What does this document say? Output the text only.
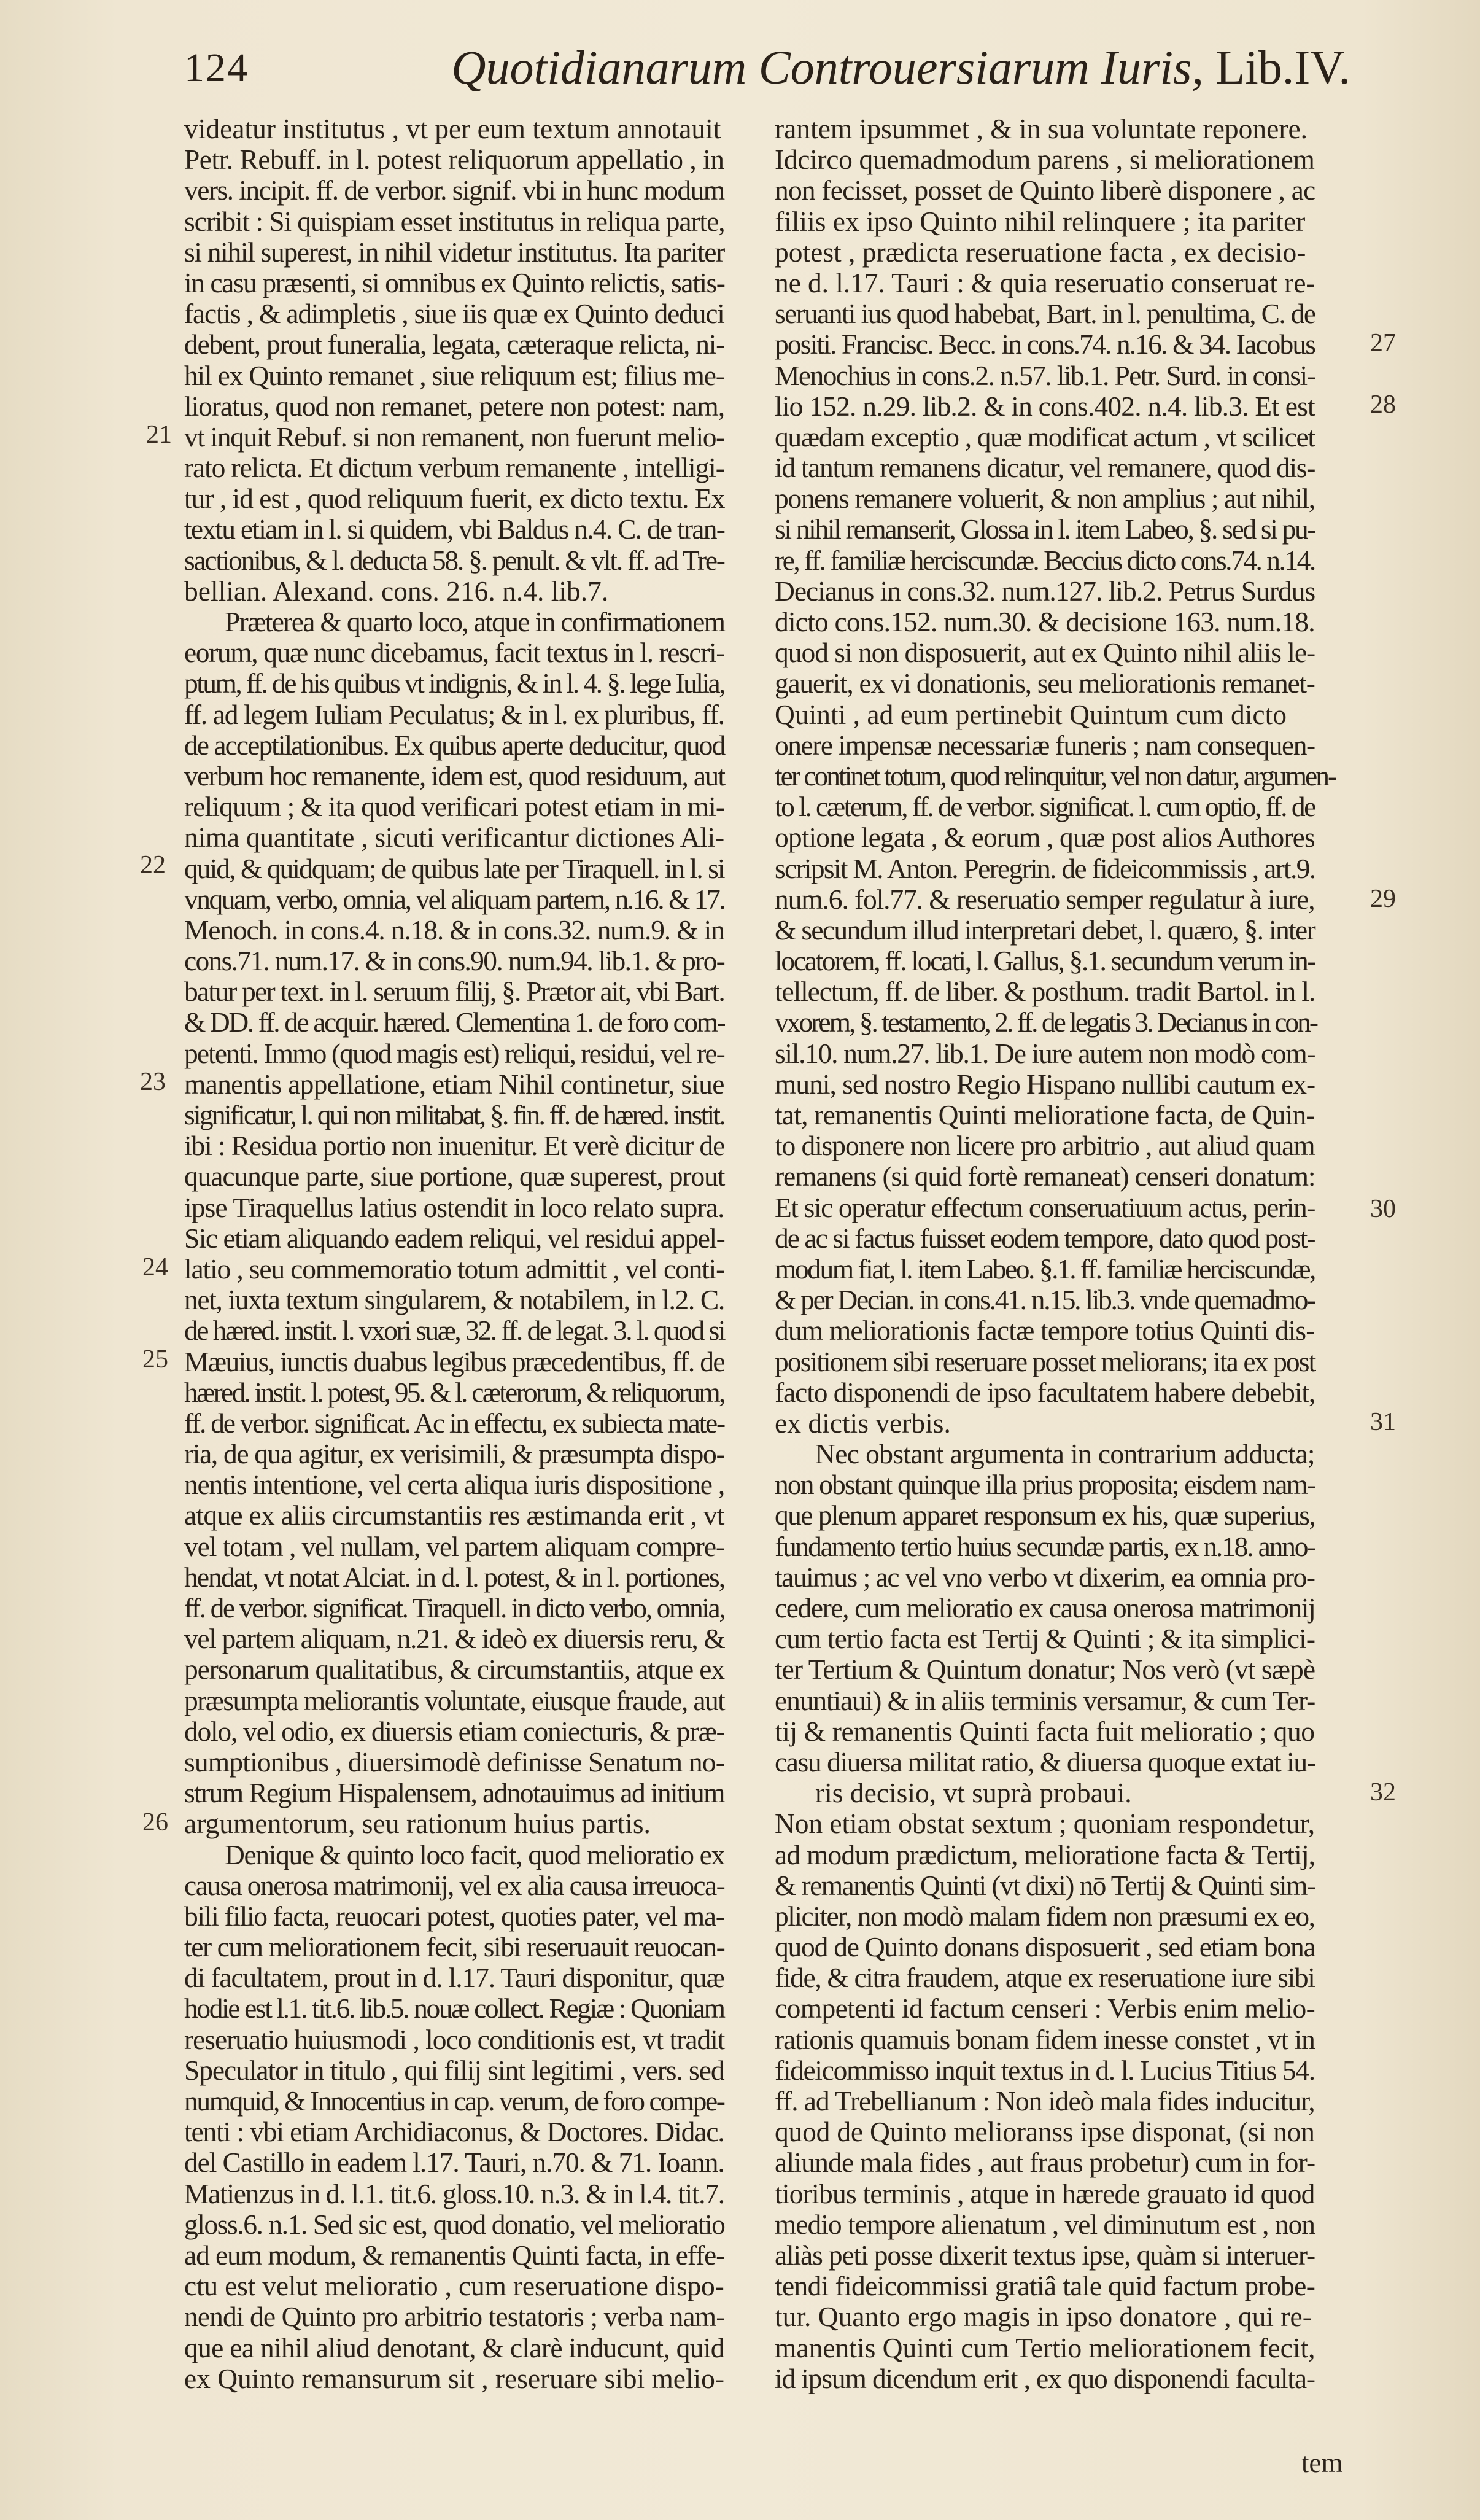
124	Quotidianarum Controuersiarum Iuris, Lib.IV.
videatur institutus , vt per eum textum annotauit
Petr. Rebuff. in l. potest reliquorum appellatio , in
vers. incipit. ff. de verbor. signif. vbi in hunc modum
scribit : Si quispiam esset institutus in reliqua parte,
si nihil superest, in nihil videtur institutus. Ita pariter
in casu præsenti, si omnibus ex Quinto relictis, satis-
factis , & adimpletis , siue iis quæ ex Quinto deduci
debent, prout funeralia, legata, cæteraque relicta, ni-
hil ex Quinto remanet , siue reliquum est; filius me-
lioratus, quod non remanet, petere non potest: nam,
vt inquit Rebuf. si non remanent, non fuerunt melio-
rato relicta. Et dictum verbum remanente , intelligi-
tur , id est , quod reliquum fuerit, ex dicto textu. Ex
textu etiam in l. si quidem, vbi Baldus n.4. C. de tran-
sactionibus, & l. deducta 58. §. penult. & vlt. ff. ad Tre-
bellian. Alexand. cons. 216. n.4. lib.7.
Præterea & quarto loco, atque in confirmationem
eorum, quæ nunc dicebamus, facit textus in l. rescri-
ptum, ff. de his quibus vt indignis, & in l. 4. §. lege Iulia,
ff. ad legem Iuliam Peculatus; & in l. ex pluribus, ff.
de acceptilationibus. Ex quibus aperte deducitur, quod
verbum hoc remanente, idem est, quod residuum, aut
reliquum ; & ita quod verificari potest etiam in mi-
nima quantitate , sicuti verificantur dictiones Ali-
quid, & quidquam; de quibus late per Tiraquell. in l. si
vnquam, verbo, omnia, vel aliquam partem, n.16. & 17.
Menoch. in cons.4. n.18. & in cons.32. num.9. & in
cons.71. num.17. & in cons.90. num.94. lib.1. & pro-
batur per text. in l. seruum filij, §. Prætor ait, vbi Bart.
& DD. ff. de acquir. hæred. Clementina 1. de foro com-
petenti. Immo (quod magis est) reliqui, residui, vel re-
manentis appellatione, etiam Nihil continetur, siue
significatur, l. qui non militabat, §. fin. ff. de hæred. instit.
ibi : Residua portio non inuenitur. Et verè dicitur de
quacunque parte, siue portione, quæ superest, prout
ipse Tiraquellus latius ostendit in loco relato supra.
Sic etiam aliquando eadem reliqui, vel residui appel-
latio , seu commemoratio totum admittit , vel conti-
net, iuxta textum singularem, & notabilem, in l.2. C.
de hæred. instit. l. vxori suæ, 32. ff. de legat. 3. l. quod si
Mæuius, iunctis duabus legibus præcedentibus, ff. de
hæred. instit. l. potest, 95. & l. cæterorum, & reliquorum,
ff. de verbor. significat. Ac in effectu, ex subiecta mate-
ria, de qua agitur, ex verisimili, & præsumpta dispo-
nentis intentione, vel certa aliqua iuris dispositione ,
atque ex aliis circumstantiis res æstimanda erit , vt
vel totam , vel nullam, vel partem aliquam compre-
hendat, vt notat Alciat. in d. l. potest, & in l. portiones,
ff. de verbor. significat. Tiraquell. in dicto verbo, omnia,
vel partem aliquam, n.21. & ideò ex diuersis reru, &
personarum qualitatibus, & circumstantiis, atque ex
præsumpta meliorantis voluntate, eiusque fraude, aut
dolo, vel odio, ex diuersis etiam coniecturis, & præ-
sumptionibus , diuersimodè definisse Senatum no-
strum Regium Hispalensem, adnotauimus ad initium
argumentorum, seu rationum huius partis.
Denique & quinto loco facit, quod melioratio ex
causa onerosa matrimonij, vel ex alia causa irreuoca-
bili filio facta, reuocari potest, quoties pater, vel ma-
ter cum meliorationem fecit, sibi reseruauit reuocan-
di facultatem, prout in d. l.17. Tauri disponitur, quæ
hodie est l.1. tit.6. lib.5. nouæ collect. Regiæ : Quoniam
reseruatio huiusmodi , loco conditionis est, vt tradit
Speculator in titulo , qui filij sint legitimi , vers. sed
numquid, & Innocentius in cap. verum, de foro compe-
tenti : vbi etiam Archidiaconus, & Doctores. Didac.
del Castillo in eadem l.17. Tauri, n.70. & 71. Ioann.
Matienzus in d. l.1. tit.6. gloss.10. n.3. & in l.4. tit.7.
gloss.6. n.1. Sed sic est, quod donatio, vel melioratio
ad eum modum, & remanentis Quinti facta, in effe-
ctu est velut melioratio , cum reseruatione dispo-
nendi de Quinto pro arbitrio testatoris ; verba nam-
que ea nihil aliud denotant, & clarè inducunt, quid
ex Quinto remansurum sit , reseruare sibi melio-
rantem ipsummet , & in sua voluntate reponere.
Idcirco quemadmodum parens , si meliorationem
non fecisset, posset de Quinto liberè disponere , ac
filiis ex ipso Quinto nihil relinquere ; ita pariter
potest , prædicta reseruatione facta , ex decisio-
ne d. l.17. Tauri : & quia reseruatio conseruat re-
seruanti ius quod habebat, Bart. in l. penultima, C. de
positi. Francisc. Becc. in cons.74. n.16. & 34. Iacobus
Menochius in cons.2. n.57. lib.1. Petr. Surd. in consi-
lio 152. n.29. lib.2. & in cons.402. n.4. lib.3. Et est
quædam exceptio , quæ modificat actum , vt scilicet
id tantum remanens dicatur, vel remanere, quod dis-
ponens remanere voluerit, & non amplius ; aut nihil,
si nihil remanserit, Glossa in l. item Labeo, §. sed si pu-
re, ff. familiæ herciscundæ. Beccius dicto cons.74. n.14.
Decianus in cons.32. num.127. lib.2. Petrus Surdus
dicto cons.152. num.30. & decisione 163. num.18.
quod si non disposuerit, aut ex Quinto nihil aliis le-
gauerit, ex vi donationis, seu meliorationis remanet-
Quinti , ad eum pertinebit Quintum cum dicto
onere impensæ necessariæ funeris ; nam consequen-
ter continet totum, quod relinquitur, vel non datur, argumen-
to l. cæterum, ff. de verbor. significat. l. cum optio, ff. de
optione legata , & eorum , quæ post alios Authores
scripsit M. Anton. Peregrin. de fideicommissis , art.9.
num.6. fol.77. & reseruatio semper regulatur à iure,
& secundum illud interpretari debet, l. quæro, §. inter
locatorem, ff. locati, l. Gallus, §.1. secundum verum in-
tellectum, ff. de liber. & posthum. tradit Bartol. in l.
vxorem, §. testamento, 2. ff. de legatis 3. Decianus in con-
sil.10. num.27. lib.1. De iure autem non modò com-
muni, sed nostro Regio Hispano nullibi cautum ex-
tat, remanentis Quinti melioratione facta, de Quin-
to disponere non licere pro arbitrio , aut aliud quam
remanens (si quid fortè remaneat) censeri donatum:
Et sic operatur effectum conseruatiuum actus, perin-
de ac si factus fuisset eodem tempore, dato quod post-
modum fiat, l. item Labeo. §.1. ff. familiæ herciscundæ,
& per Decian. in cons.41. n.15. lib.3. vnde quemadmo-
dum meliorationis factæ tempore totius Quinti dis-
positionem sibi reseruare posset meliorans; ita ex post
facto disponendi de ipso facultatem habere debebit,
ex dictis verbis.
Nec obstant argumenta in contrarium adducta;
non obstant quinque illa prius proposita; eisdem nam-
que plenum apparet responsum ex his, quæ superius,
fundamento tertio huius secundæ partis, ex n.18. anno-
tauimus ; ac vel vno verbo vt dixerim, ea omnia pro-
cedere, cum melioratio ex causa onerosa matrimonij
cum tertio facta est Tertij & Quinti ; & ita simplici-
ter Tertium & Quintum donatur; Nos verò (vt sæpè
enuntiaui) & in aliis terminis versamur, & cum Ter-
tij & remanentis Quinti facta fuit melioratio ; quo
casu diuersa militat ratio, & diuersa quoque extat iu-
ris decisio, vt suprà probaui.
Non etiam obstat sextum ; quoniam respondetur,
ad modum prædictum, melioratione facta & Tertij,
& remanentis Quinti (vt dixi) nō Tertij & Quinti sim-
pliciter, non modò malam fidem non præsumi ex eo,
quod de Quinto donans disposuerit , sed etiam bona
fide, & citra fraudem, atque ex reseruatione iure sibi
competenti id factum censeri : Verbis enim melio-
rationis quamuis bonam fidem inesse constet , vt in
fideicommisso inquit textus in d. l. Lucius Titius 54.
ff. ad Trebellianum : Non ideò mala fides inducitur,
quod de Quinto melioranss ipse disponat, (si non
aliunde mala fides , aut fraus probetur) cum in for-
tioribus terminis , atque in hærede grauato id quod
medio tempore alienatum , vel diminutum est , non
aliàs peti posse dixerit textus ipse, quàm si interuer-
tendi fideicommissi gratiâ tale quid factum probe-
tur. Quanto ergo magis in ipso donatore , qui re-
manentis Quinti cum Tertio meliorationem fecit,
id ipsum dicendum erit , ex quo disponendi faculta-
21
22
23
24
25
26
27
28
29
30
31
32
tem
